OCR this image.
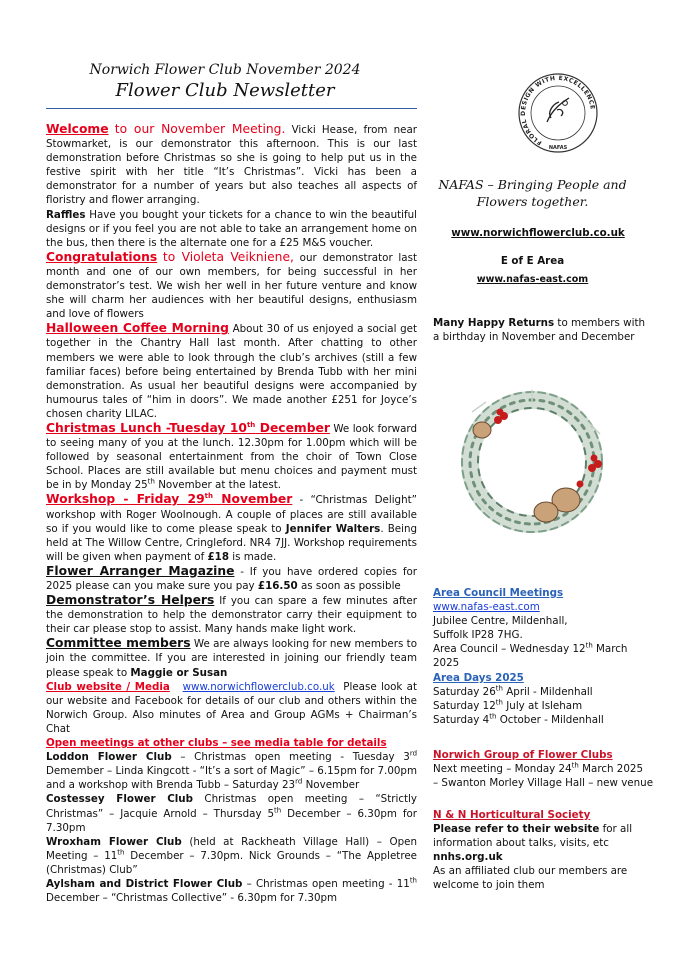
Norwich Flower Club November 2024
Flower Club Newsletter
FLORAL DESIGN WITH EXCELLENCE
NAFAS

Welcome to our November Meeting. Vicki Hease, from near Stowmarket, is our demonstrator this afternoon. This is our last demonstration before Christmas so she is going to help put us in the festive spirit with her title “It’s Christmas”. Vicki has been a demonstrator for a number of years but also teaches all aspects of floristry and flower arranging.

Raffles Have you bought your tickets for a chance to win the beautiful designs or if you feel you are not able to take an arrangement home on the bus, then there is the alternate one for a £25 M&S voucher.

Congratulations to Violeta Veikniene, our demonstrator last month and one of our own members, for being successful in her demonstrator’s test. We wish her well in her future venture and know she will charm her audiences with her beautiful designs, enthusiasm and love of flowers

Halloween Coffee Morning About 30 of us enjoyed a social get together in the Chantry Hall last month. After chatting to other members we were able to look through the club’s archives (still a few familiar faces) before being entertained by Brenda Tubb with her mini demonstration. As usual her beautiful designs were accompanied by humourus tales of “him in doors”. We made another £251 for Joyce’s chosen charity LILAC.

Christmas Lunch -Tuesday 10th December We look forward to seeing many of you at the lunch. 12.30pm for 1.00pm which will be followed by seasonal entertainment from the choir of Town Close School. Places are still available but menu choices and payment must be in by Monday 25th November at the latest.

Workshop - Friday 29th November - “Christmas Delight” workshop with Roger Woolnough. A couple of places are still available so if you would like to come please speak to Jennifer Walters. Being held at The Willow Centre, Cringleford. NR4 7JJ. Workshop requirements will be given when payment of £18 is made.

Flower Arranger Magazine - If you have ordered copies for 2025 please can you make sure you pay £16.50 as soon as possible

Demonstrator’s Helpers If you can spare a few minutes after the demonstration to help the demonstrator carry their equipment to their car please stop to assist. Many hands make light work.

Committee members We are always looking for new members to join the committee. If you are interested in joining our friendly team please speak to Maggie or Susan

Club website / Media www.norwichflowerclub.co.uk Please look at our website and Facebook for details of our club and others within the Norwich Group. Also minutes of Area and Group AGMs + Chairman’s Chat

Open meetings at other clubs – see media table for details

Loddon Flower Club – Christmas open meeting - Tuesday 3rd Demember – Linda Kingcott - “It’s a sort of Magic” – 6.15pm for 7.00pm and a workshop with Brenda Tubb – Saturday 23rd November

Costessey Flower Club Christmas open meeting – “Strictly Christmas” – Jacquie Arnold – Thursday 5th December – 6.30pm for 7.30pm

Wroxham Flower Club (held at Rackheath Village Hall) – Open Meeting – 11th December – 7.30pm. Nick Grounds – “The Appletree (Christmas) Club”

Aylsham and District Flower Club – Christmas open meeting - 11th December – “Christmas Collective” - 6.30pm for 7.30pm

NAFAS – Bringing People and Flowers together.
www.norwichflowerclub.co.uk
E of E Area
www.nafas-east.com
Many Happy Returns to members with a birthday in November and December
Area Council Meetings
www.nafas-east.com
Jubilee Centre, Mildenhall,
Suffolk IP28 7HG.
Area Council – Wednesday 12th March 2025
Area Days 2025
Saturday 26th April - Mildenhall
Saturday 12th July at Isleham
Saturday 4th October - Mildenhall
Norwich Group of Flower Clubs
Next meeting – Monday 24th March 2025
– Swanton Morley Village Hall – new venue
N & N Horticultural Society
Please refer to their website for all information about talks, visits, etc
nnhs.org.uk
As an affiliated club our members are welcome to join them
